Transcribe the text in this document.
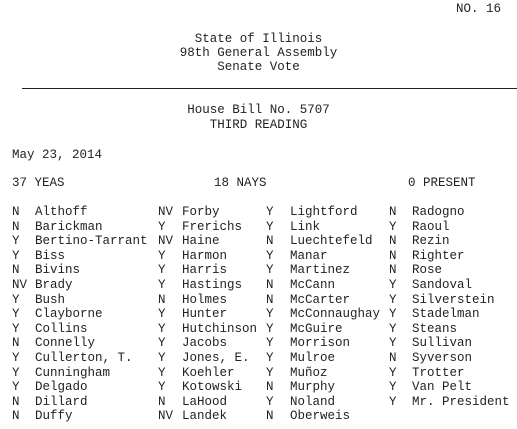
NO. 16
State of Illinois
98th General Assembly
Senate Vote
House Bill No. 5707
THIRD READING
May 23, 2014
37 YEAS	18 NAYS	0 PRESENT
N Althoff
N Barickman
Y Bertino-Tarrant
Y Biss
N Bivins
NV Brady
Y Bush
Y Clayborne
Y Collins
N Connelly
Y Cullerton, T.
Y Cunningham
Y Delgado
N Dillard
N Duffy
NV Forby
Y Frerichs
NV Haine
Y Harmon
Y Harris
Y Hastings
N Holmes
Y Hunter
Y Hutchinson
Y Jacobs
Y Jones, E.
Y Koehler
Y Kotowski
N LaHood
NV Landek
Y Lightford
Y Link
N Luechtefeld
Y Manar
Y Martinez
N McCann
N McCarter
Y McConnaughay
Y McGuire
Y Morrison
Y Mulroe
Y Muñoz
N Murphy
Y Noland
N Oberweis
N Radogno
Y Raoul
N Rezin
N Righter
N Rose
Y Sandoval
Y Silverstein
Y Stadelman
Y Steans
Y Sullivan
N Syverson
Y Trotter
Y Van Pelt
Y Mr. President
